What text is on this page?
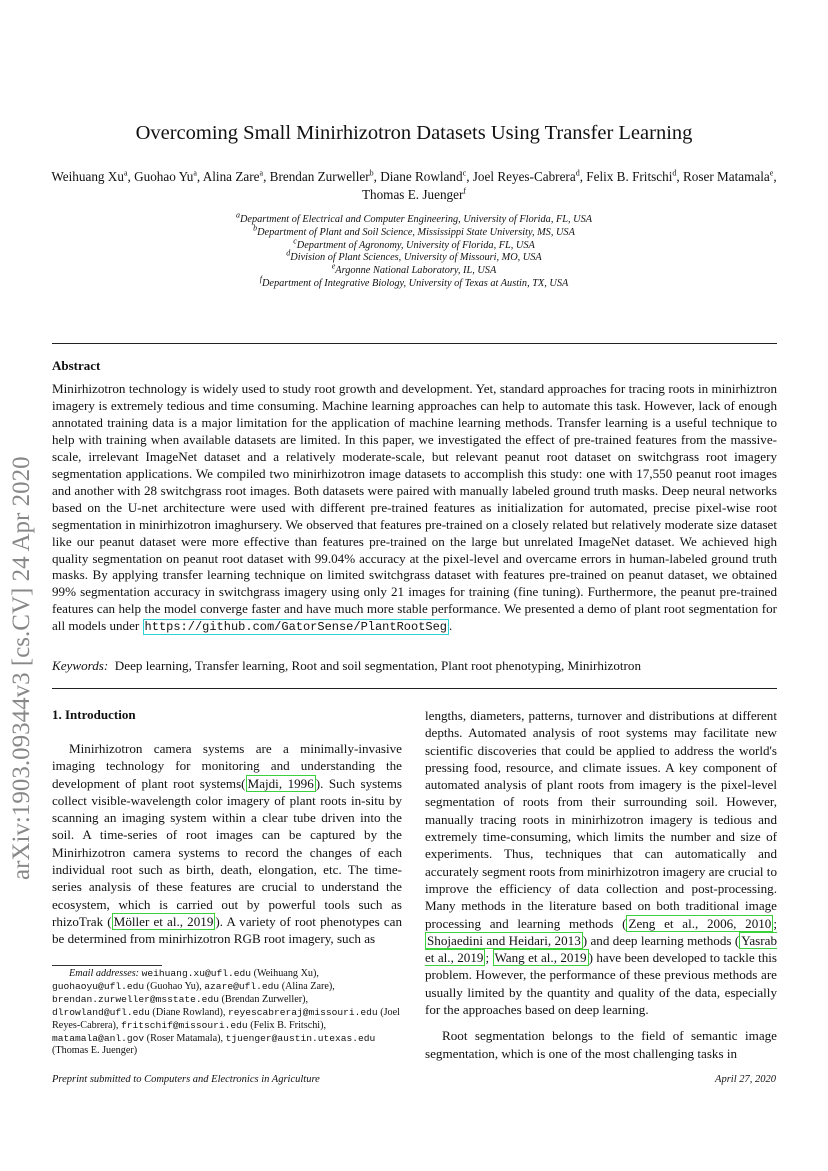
arXiv:1903.09344v3 [cs.CV] 24 Apr 2020
Overcoming Small Minirhizotron Datasets Using Transfer Learning
Weihuang Xu$^a$, Guohao Yu$^a$, Alina Zare$^a$, Brendan Zurweller$^b$, Diane Rowland$^c$, Joel Reyes-Cabrera$^d$, Felix B. Fritschi$^d$, Roser Matamala$^e$, Thomas E. Juenger$^f$
$^a$Department of Electrical and Computer Engineering, University of Florida, FL, USA
$^b$Department of Plant and Soil Science, Mississippi State University, MS, USA
$^c$Department of Agronomy, University of Florida, FL, USA
$^d$Division of Plant Sciences, University of Missouri, MO, USA
$^e$Argonne National Laboratory, IL, USA
$^f$Department of Integrative Biology, University of Texas at Austin, TX, USA
Abstract
Minirhizotron technology is widely used to study root growth and development. Yet, standard approaches for tracing roots in minirhiztron imagery is extremely tedious and time consuming. Machine learning approaches can help to automate this task. However, lack of enough annotated training data is a major limitation for the application of machine learning methods. Transfer learning is a useful technique to help with training when available datasets are limited. In this paper, we investigated the effect of pre-trained features from the massive-scale, irrelevant ImageNet dataset and a relatively moderate-scale, but relevant peanut root dataset on switchgrass root imagery segmentation applications. We compiled two minirhizotron image datasets to accomplish this study: one with 17,550 peanut root images and another with 28 switchgrass root images. Both datasets were paired with manually labeled ground truth masks. Deep neural networks based on the U-net architecture were used with different pre-trained features as initialization for automated, precise pixel-wise root segmentation in minirhizotron imaghursery. We observed that features pre-trained on a closely related but relatively moderate size dataset like our peanut dataset were more effective than features pre-trained on the large but unrelated ImageNet dataset. We achieved high quality segmentation on peanut root dataset with 99.04% accuracy at the pixel-level and overcame errors in human-labeled ground truth masks. By applying transfer learning technique on limited switchgrass dataset with features pre-trained on peanut dataset, we obtained 99% segmentation accuracy in switchgrass imagery using only 21 images for training (fine tuning). Furthermore, the peanut pre-trained features can help the model converge faster and have much more stable performance. We presented a demo of plant root segmentation for all models under https://github.com/GatorSense/PlantRootSeg .
Keywords: Deep learning, Transfer learning, Root and soil segmentation, Plant root phenotyping, Minirhizotron
1. Introduction
Minirhizotron camera systems are a minimally-invasive imaging technology for monitoring and understanding the development of plant root systems( Majdi, 1996 ). Such systems collect visible-wavelength color imagery of plant roots in-situ by scanning an imaging system within a clear tube driven into the soil. A time-series of root images can be captured by the Minirhizotron camera systems to record the changes of each individual root such as birth, death, elongation, etc. The time-series analysis of these features are crucial to understand the ecosystem, which is carried out by powerful tools such as rhizoTrak ( Möller et al., 2019 ). A variety of root phenotypes can be determined from minirhizotron RGB root imagery, such as
Email addresses: weihuang.xu@ufl.edu (Weihuang Xu), guohaoyu@ufl.edu (Guohao Yu), azare@ufl.edu (Alina Zare), brendan.zurweller@msstate.edu (Brendan Zurweller), dlrowland@ufl.edu (Diane Rowland), reyescabreraj@missouri.edu (Joel Reyes-Cabrera), fritschif@missouri.edu (Felix B. Fritschi), matamala@anl.gov (Roser Matamala), tjuenger@austin.utexas.edu (Thomas E. Juenger)
lengths, diameters, patterns, turnover and distributions at different depths. Automated analysis of root systems may facilitate new scientific discoveries that could be applied to address the world's pressing food, resource, and climate issues. A key component of automated analysis of plant roots from imagery is the pixel-level segmentation of roots from their surrounding soil. However, manually tracing roots in minirhizotron imagery is tedious and extremely time-consuming, which limits the number and size of experiments. Thus, techniques that can automatically and accurately segment roots from minirhizotron imagery are crucial to improve the efficiency of data collection and post-processing. Many methods in the literature based on both traditional image processing and learning methods ( Zeng et al., 2006, 2010 ; Shojaedini and Heidari, 2013 ) and deep learning methods ( Yasrab et al., 2019 ; Wang et al., 2019 ) have been developed to tackle this problem. However, the performance of these previous methods are usually limited by the quantity and quality of the data, especially for the approaches based on deep learning.
Root segmentation belongs to the field of semantic image segmentation, which is one of the most challenging tasks in
Preprint submitted to Computers and Electronics in Agriculture	April 27, 2020
